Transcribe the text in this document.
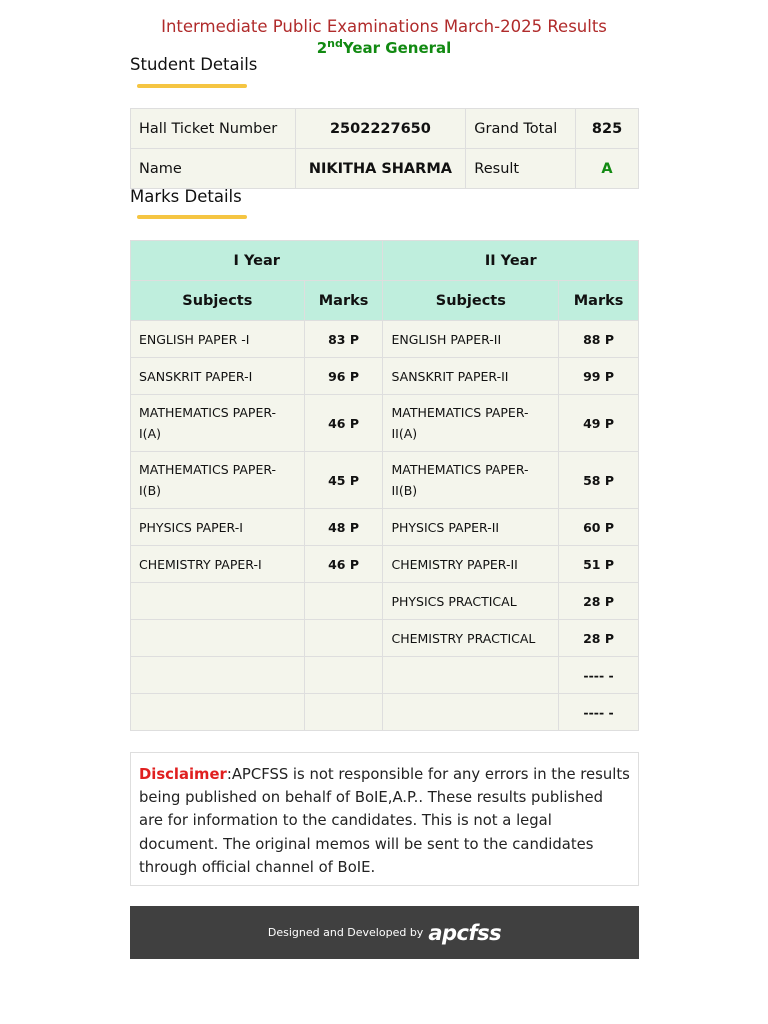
Intermediate Public Examinations March-2025 Results
2ndYear General
Student Details
Hall Ticket Number	2502227650	Grand Total	825
Name	NIKITHA SHARMA	Result	A
Marks Details
I Year		II Year	
Subjects	Marks	Subjects	Marks
ENGLISH PAPER -I	83 P	ENGLISH PAPER-II	88 P
SANSKRIT PAPER-I	96 P	SANSKRIT PAPER-II	99 P
MATHEMATICS PAPER-I(A)	46 P	MATHEMATICS PAPER-II(A)	49 P
MATHEMATICS PAPER-I(B)	45 P	MATHEMATICS PAPER-II(B)	58 P
PHYSICS PAPER-I	48 P	PHYSICS PAPER-II	60 P
CHEMISTRY PAPER-I	46 P	CHEMISTRY PAPER-II	51 P
		PHYSICS PRACTICAL	28 P
		CHEMISTRY PRACTICAL	28 P
			---- -
			---- -
Disclaimer:APCFSS is not responsible for any errors in the results being published on behalf of BoIE,A.P.. These results published are for information to the candidates. This is not a legal document. The original memos will be sent to the candidates through official channel of BoIE.
Designed and Developed by apcfss
